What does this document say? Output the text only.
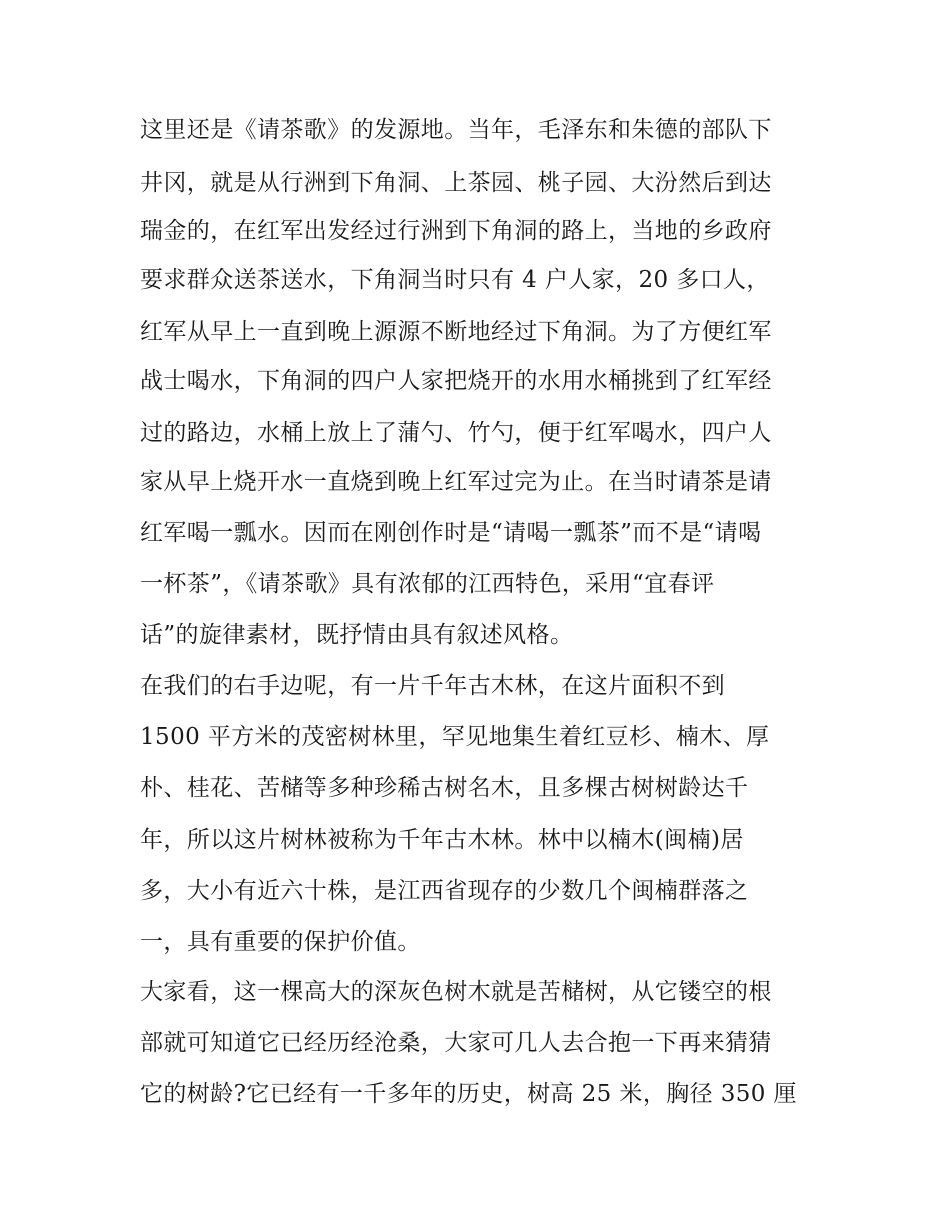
这里还是《请茶歌》的发源地。当年，毛泽东和朱德的部队下
井冈，就是从行洲到下角洞、上茶园、桃子园、大汾然后到达
瑞金的，在红军出发经过行洲到下角洞的路上，当地的乡政府
要求群众送茶送水，下角洞当时只有 4 户人家，20 多口人，
红军从早上一直到晚上源源不断地经过下角洞。为了方便红军
战士喝水，下角洞的四户人家把烧开的水用水桶挑到了红军经
过的路边，水桶上放上了蒲勺、竹勺，便于红军喝水，四户人
家从早上烧开水一直烧到晚上红军过完为止。在当时请茶是请
红军喝一瓢水。因而在刚创作时是“请喝一瓢茶”而不是“请喝
一杯茶”，《请茶歌》具有浓郁的江西特色，采用“宜春评
话”的旋律素材，既抒情由具有叙述风格。
在我们的右手边呢，有一片千年古木林，在这片面积不到
1500 平方米的茂密树林里，罕见地集生着红豆杉、楠木、厚
朴、桂花、苦槠等多种珍稀古树名木，且多棵古树树龄达千
年，所以这片树林被称为千年古木林。林中以楠木(闽楠)居
多，大小有近六十株，是江西省现存的少数几个闽楠群落之
一，具有重要的保护价值。
大家看，这一棵高大的深灰色树木就是苦槠树，从它镂空的根
部就可知道它已经历经沧桑，大家可几人去合抱一下再来猜猜
它的树龄?它已经有一千多年的历史，树高 25 米，胸径 350 厘
